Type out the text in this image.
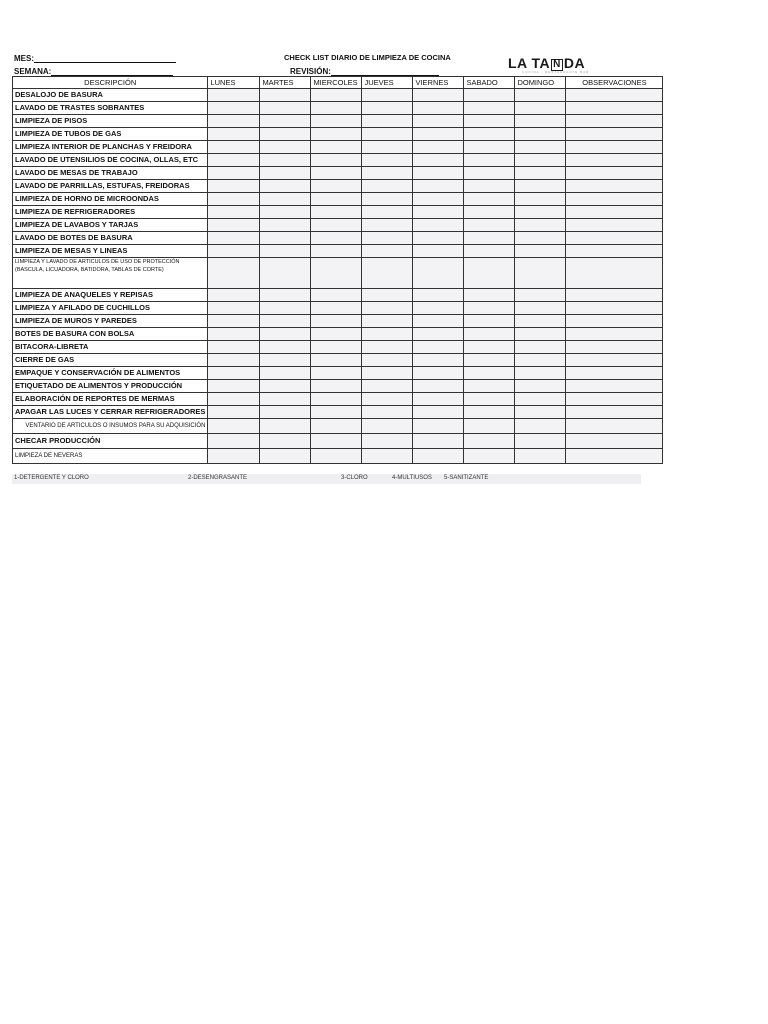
MES:
SEMANA:
CHECK LIST DIARIO DE LIMPIEZA DE COCINA
REVISIÓN:
LA TA N DA
COCINA · RESTAURANTE BAR
DESCRIPCIÓN	LUNES	MARTES	MIERCOLES	JUEVES	VIERNES	SABADO	DOMINGO	OBSERVACIONES
DESALOJO DE BASURA								
LAVADO DE TRASTES SOBRANTES								
LIMPIEZA DE PISOS								
LIMPIEZA DE TUBOS DE GAS								
LIMPIEZA INTERIOR DE PLANCHAS Y FREIDORA								
LAVADO DE UTENSILIOS DE COCINA, OLLAS, ETC								
LAVADO DE MESAS DE TRABAJO								
LAVADO DE PARRILLAS, ESTUFAS, FREIDORAS								
LIMPIEZA DE HORNO DE MICROONDAS								
LIMPIEZA DE REFRIGERADORES								
LIMPIEZA DE LAVABOS Y TARJAS								
LAVADO DE BOTES DE BASURA								
LIMPIEZA DE MESAS Y LINEAS								
LIMPIEZA Y LAVADO DE ARTICULOS DE USO DE PROTECCIÓN (BASCULA, LICUADORA, BATIDORA, TABLAS DE CORTE)								
LIMPIEZA DE ANAQUELES Y REPISAS								
LIMPIEZA Y AFILADO DE CUCHILLOS								
LIMPIEZA DE MUROS Y PAREDES								
BOTES DE BASURA CON BOLSA								
BITACORA-LIBRETA								
CIERRE DE GAS								
EMPAQUE Y CONSERVACIÓN DE ALIMENTOS								
ETIQUETADO DE ALIMENTOS Y PRODUCCIÓN								
ELABORACIÓN DE REPORTES DE MERMAS								
APAGAR LAS LUCES Y CERRAR REFRIGERADORES								
VENTARIO DE ARTICULOS O INSUMOS PARA SU ADQUISICIÓN								
CHECAR PRODUCCIÓN								
LIMPIEZA DE NEVERAS								
1-DETERGENTE Y CLORO	2-DESENGRASANTE	3-CLORO	4-MULTIUSOS 5-SANITIZANTE
